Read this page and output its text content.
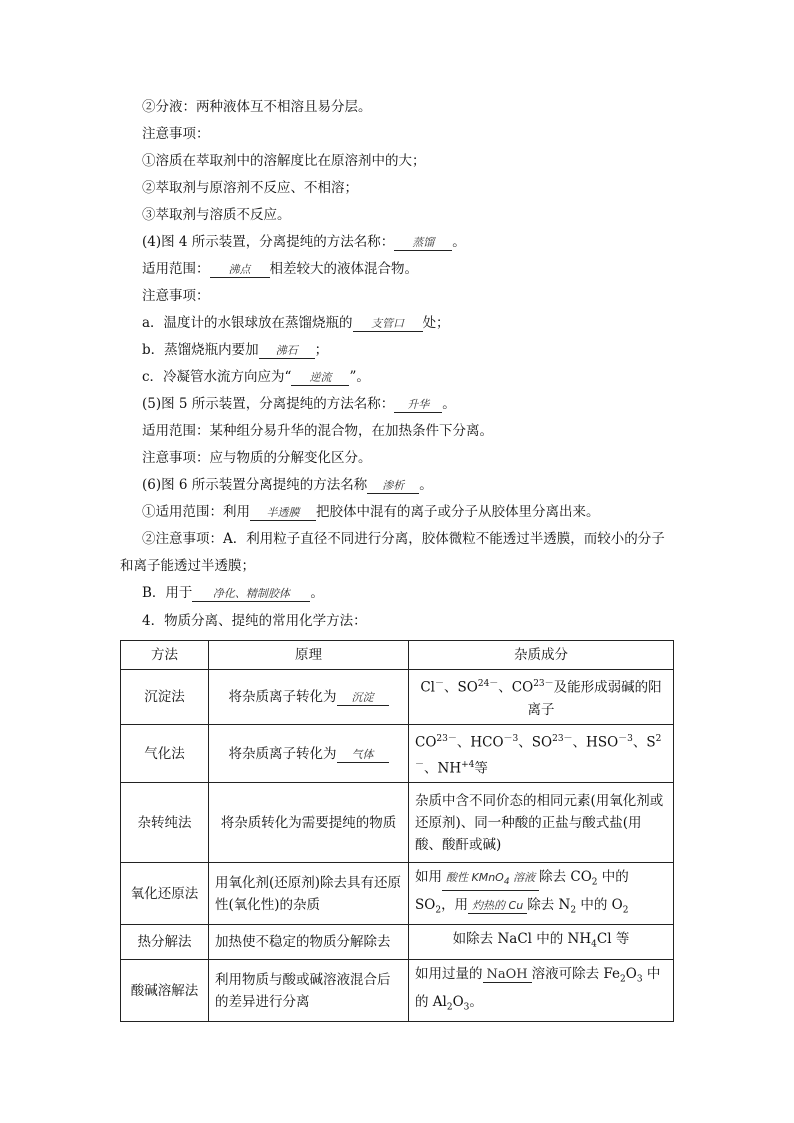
②分液：两种液体互不相溶且易分层。
注意事项：
①溶质在萃取剂中的溶解度比在原溶剂中的大；
②萃取剂与原溶剂不反应、不相溶；
③萃取剂与溶质不反应。
(4)图 4 所示装置，分离提纯的方法名称： 蒸馏 。
适用范围： 沸点 相差较大的液体混合物。
注意事项：
a．温度计的水银球放在蒸馏烧瓶的 支管口 处；
b．蒸馏烧瓶内要加 沸石 ；
c．冷凝管水流方向应为“ 逆流 ”。
(5)图 5 所示装置，分离提纯的方法名称： 升华 。
适用范围：某种组分易升华的混合物，在加热条件下分离。
注意事项：应与物质的分解变化区分。
(6)图 6 所示装置分离提纯的方法名称 渗析 。
①适用范围：利用 半透膜 把胶体中混有的离子或分子从胶体里分离出来。
②注意事项：A．利用粒子直径不同进行分离，胶体微粒不能透过半透膜，而较小的分子
和离子能透过半透膜；
B．用于 净化、精制胶体 。
4．物质分离、提纯的常用化学方法：
方法	原理	杂质成分
沉淀法	将杂质离子转化为 沉淀	Cl－、$SO^{24-}$、$CO^{23-}$及能形成弱碱的阳离子
气化法	将杂质离子转化为 气体	$CO^{23-}$、$HCO^{-3}$、$SO^{23-}$、$HSO^{-3}$、$S^{2-}$、$NH^{+4}$等
杂转纯法	将杂质转化为需要提纯的物质	杂质中含不同价态的相同元素(用氧化剂或还原剂)、同一种酸的正盐与酸式盐(用酸、酸酐或碱)
氧化还原法	用氧化剂(还原剂)除去具有还原性(氧化性)的杂质	如用 酸性 KMnO$_4$ 溶液 除去 $CO_2$ 中的 $SO_2$，用 灼热的 Cu 除去 $N_2$ 中的 $O_2$
热分解法	加热使不稳定的物质分解除去	如除去 NaCl 中的 $NH_4Cl$ 等
酸碱溶解法	利用物质与酸或碱溶液混合后的差异进行分离	如用过量的 NaOH 溶液可除去 $Fe_2O_3$ 中的 $Al_2O_3$。
